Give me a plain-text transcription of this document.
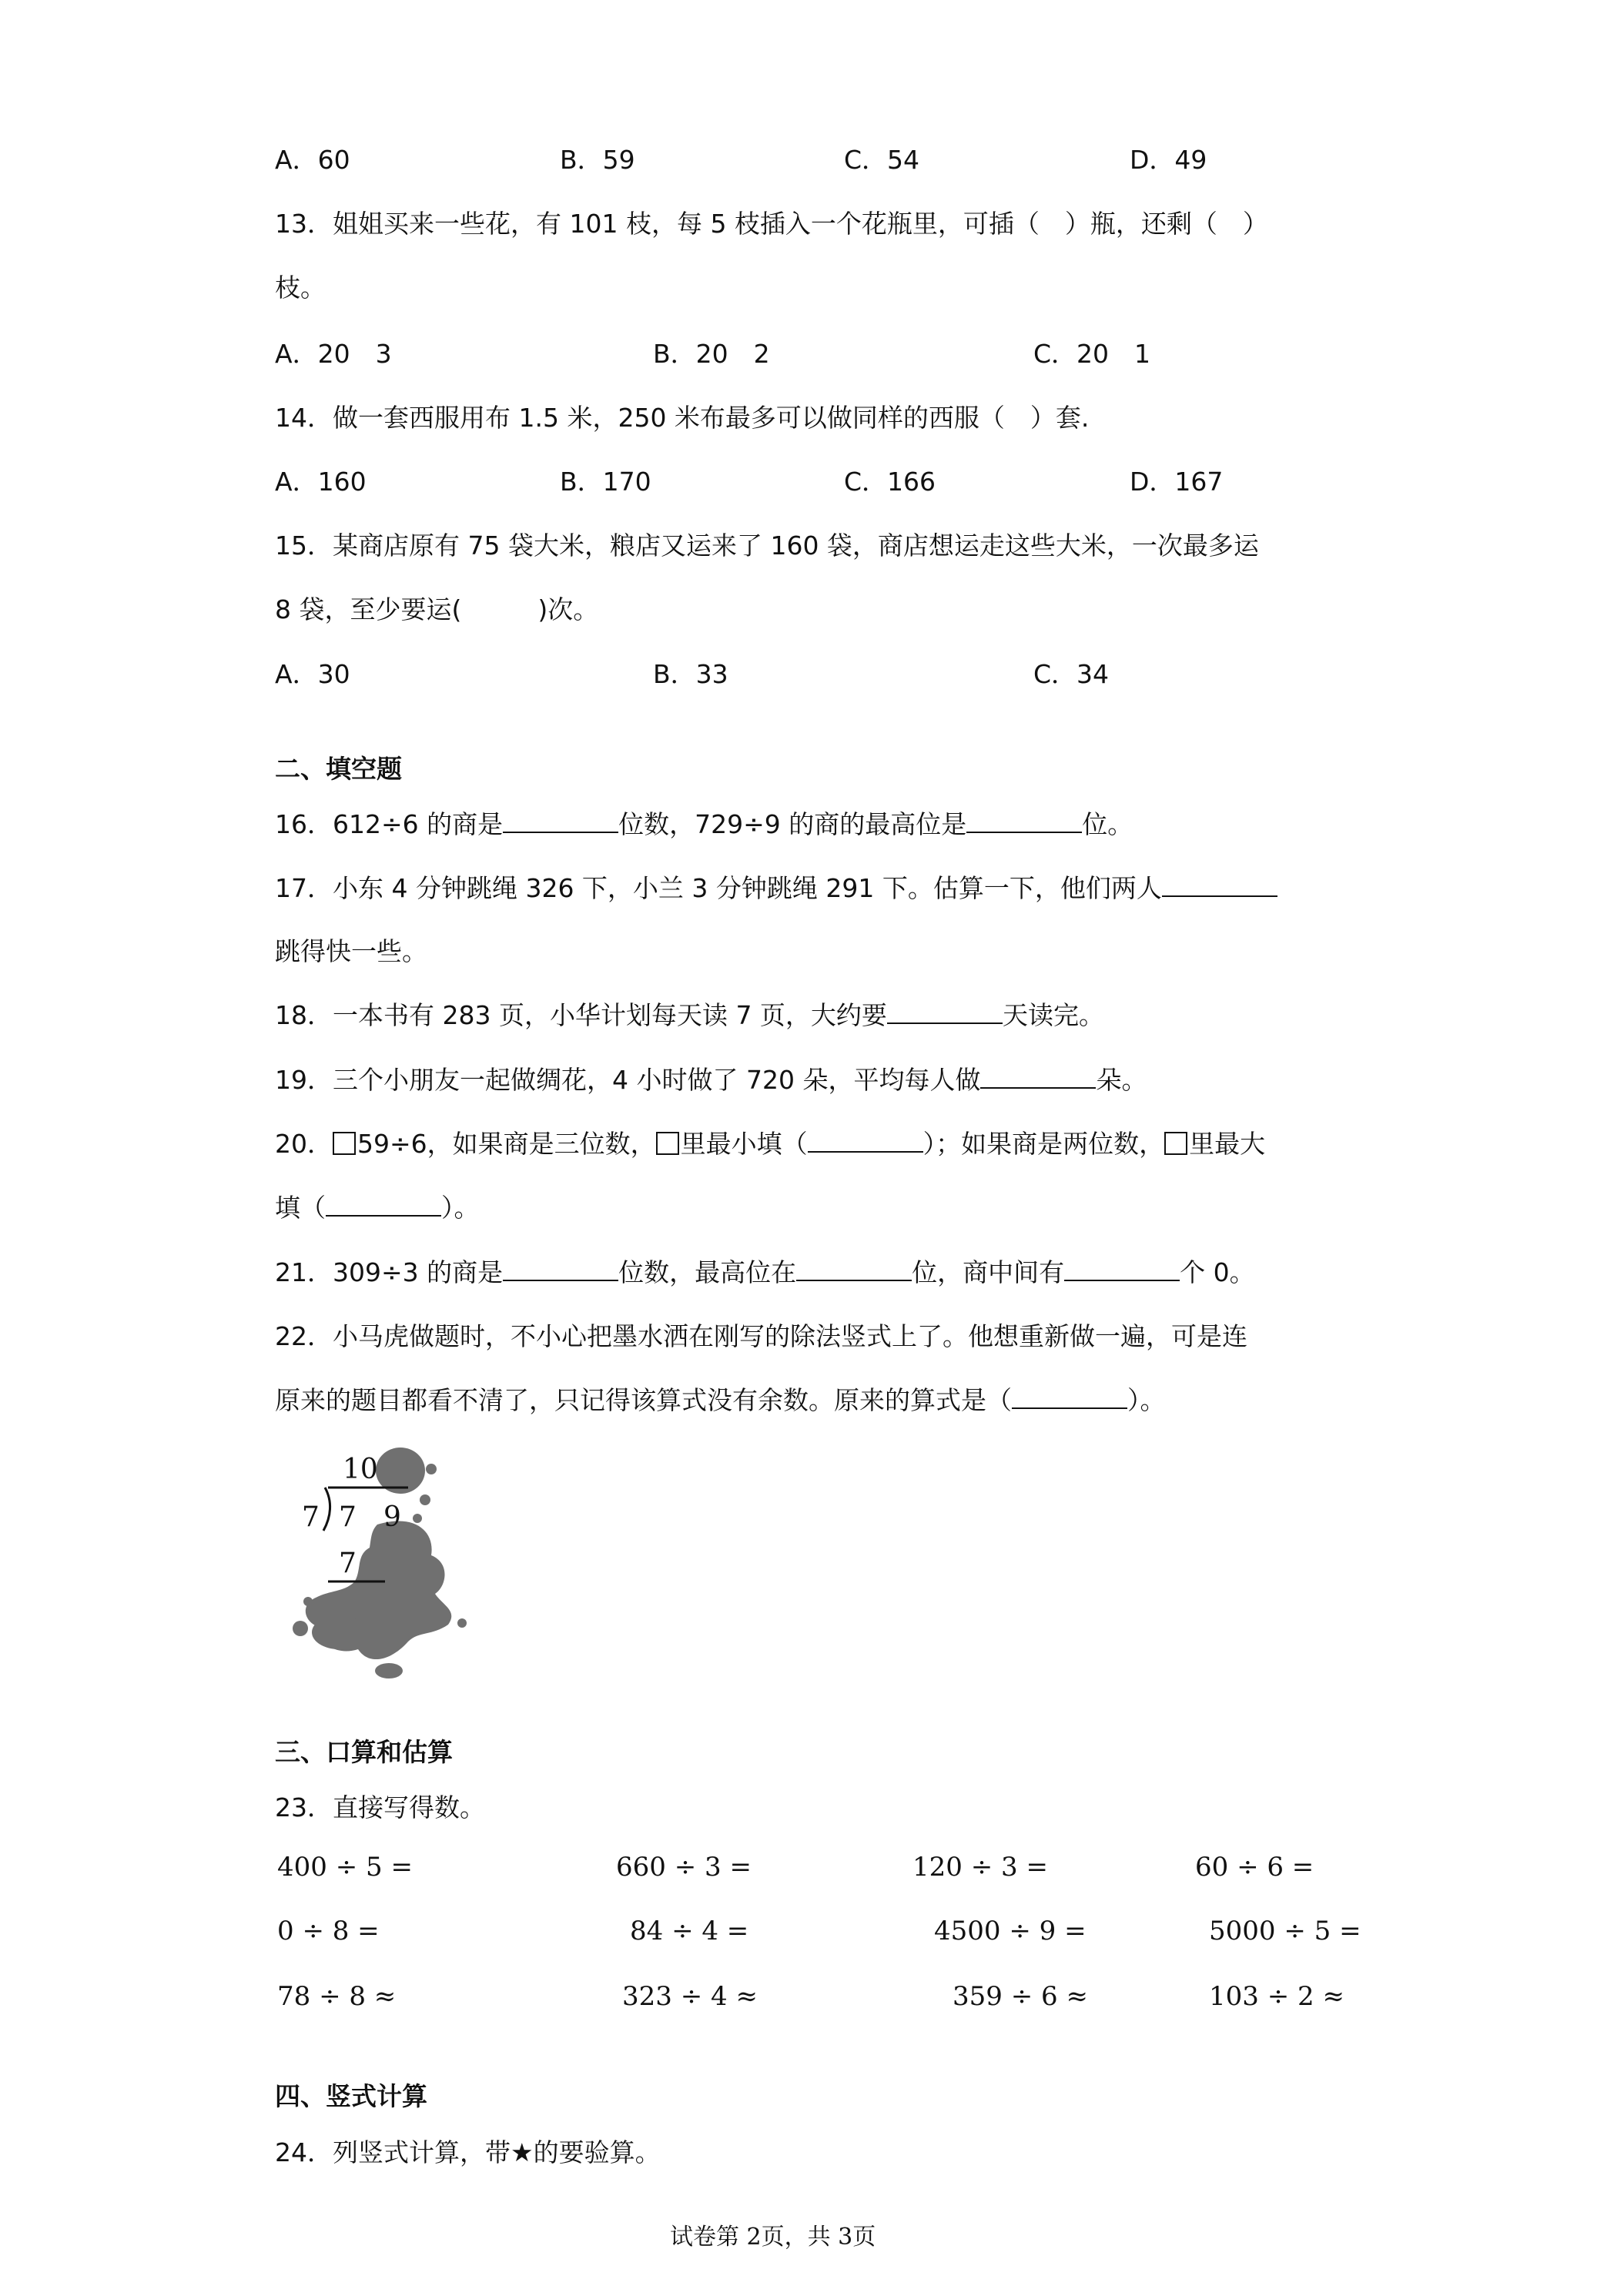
A．60	B．59	C．54	D．49
13．姐姐买来一些花，有 101 枝，每 5 枝插入一个花瓶里，可插（　）瓶，还剩（　）
枝。
A．20　3	B．20　2	C．20　1
14．做一套西服用布 1.5 米，250 米布最多可以做同样的西服（　）套.
A．160	B．170	C．166	D．167
15．某商店原有 75 袋大米，粮店又运来了 160 袋，商店想运走这些大米，一次最多运
8 袋，至少要运(　　　)次。
A．30	B．33	C．34
二、填空题
16．612÷6 的商是	位数，729÷9 的商的最高位是	位。
17．小东 4 分钟跳绳 326 下，小兰 3 分钟跳绳 291 下。估算一下，他们两人
跳得快一些。
18．一本书有 283 页，小华计划每天读 7 页，大约要	天读完。
19．三个小朋友一起做绸花，4 小时做了 720 朵，平均每人做	朵。
20． 59÷6，如果商是三位数， 里最小填（	）；如果商是两位数， 里最大
填（	）。
21．309÷3 的商是	位数，最高位在	位，商中间有	个 0。
22．小马虎做题时，不小心把墨水洒在刚写的除法竖式上了。他想重新做一遍，可是连
原来的题目都看不清了，只记得该算式没有余数。原来的算式是（	）。
10
7 7 9
7
三、口算和估算
23．直接写得数。
400 ÷ 5 =	660 ÷ 3 =	120 ÷ 3 =	60 ÷ 6 =
0 ÷ 8 =	84 ÷ 4 =	4500 ÷ 9 =	5000 ÷ 5 =
78 ÷ 8 ≈	323 ÷ 4 ≈	359 ÷ 6 ≈	103 ÷ 2 ≈
四、竖式计算
24．列竖式计算，带★的要验算。
试卷第 2页，共 3页
